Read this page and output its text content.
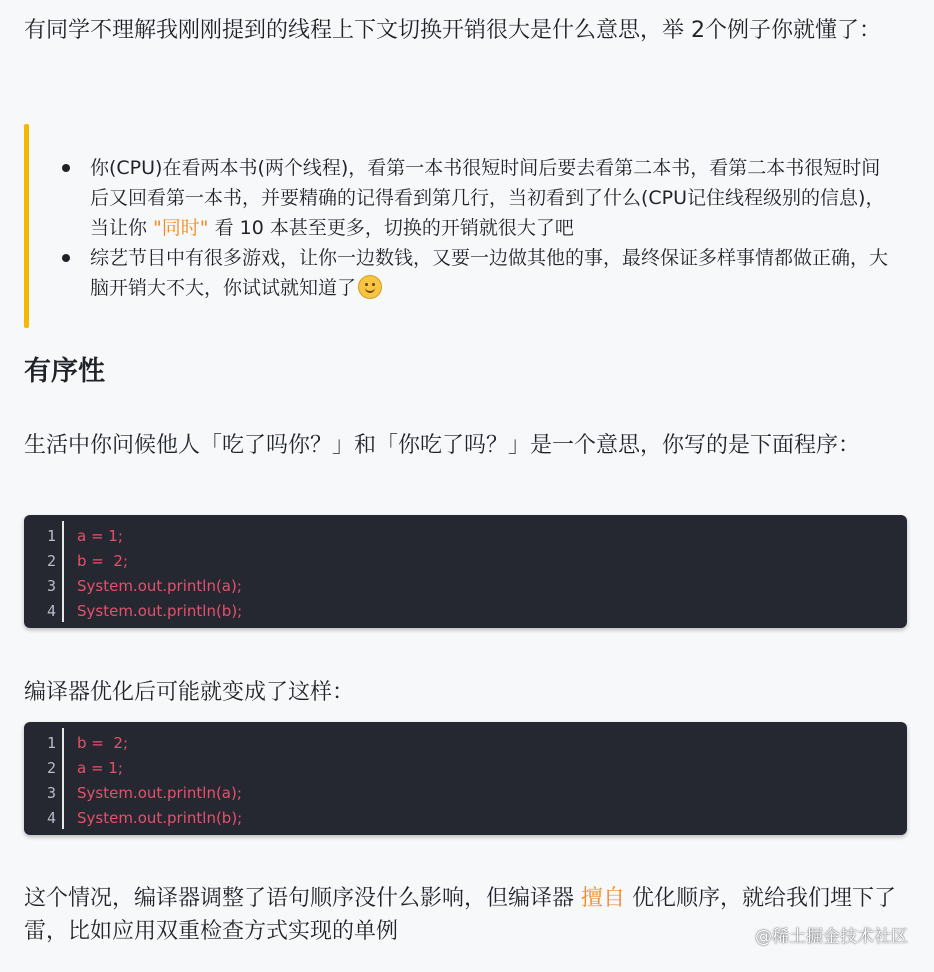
有同学不理解我刚刚提到的线程上下文切换开销很大是什么意思，举 2个例子你就懂了：

你(CPU)在看两本书(两个线程)，看第一本书很短时间后要去看第二本书，看第二本书很短时间后又回看第一本书，并要精确的记得看到第几行，当初看到了什么(CPU记住线程级别的信息)，当让你 "同时" 看 10 本甚至更多，切换的开销就很大了吧
综艺节目中有很多游戏，让你一边数钱，又要一边做其他的事，最终保证多样事情都做正确，大脑开销大不大，你试试就知道了
有序性

生活中你问候他人「吃了吗你？」和「你吃了吗？」是一个意思，你写的是下面程序：

1 a = 1;
2 b =  2;
3 System.out.println(a);
4 System.out.println(b);

编译器优化后可能就变成了这样：

1 b =  2;
2 a = 1;
3 System.out.println(a);
4 System.out.println(b);

这个情况，编译器调整了语句顺序没什么影响，但编译器 擅自 优化顺序，就给我们埋下了雷，比如应用双重检查方式实现的单例	@稀土掘金技术社区
